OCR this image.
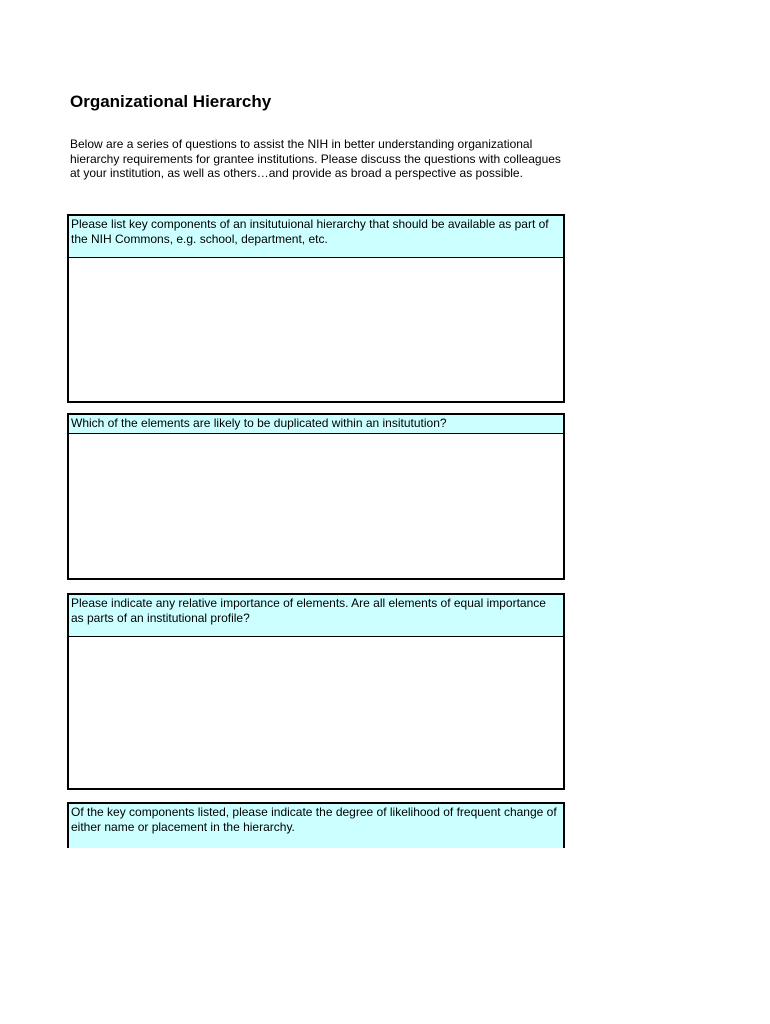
Organizational Hierarchy

Below are a series of questions to assist the NIH in better understanding organizational hierarchy requirements for grantee institutions. Please discuss the questions with colleagues at your institution, as well as others…and provide as broad a perspective as possible.

Please list key components of an insitutuional hierarchy that should be available as part of the NIH Commons, e.g. school, department, etc.
Which of the elements are likely to be duplicated within an insitutution?
Please indicate any relative importance of elements. Are all elements of equal importance as parts of an institutional profile?
Of the key components listed, please indicate the degree of likelihood of frequent change of either name or placement in the hierarchy.
